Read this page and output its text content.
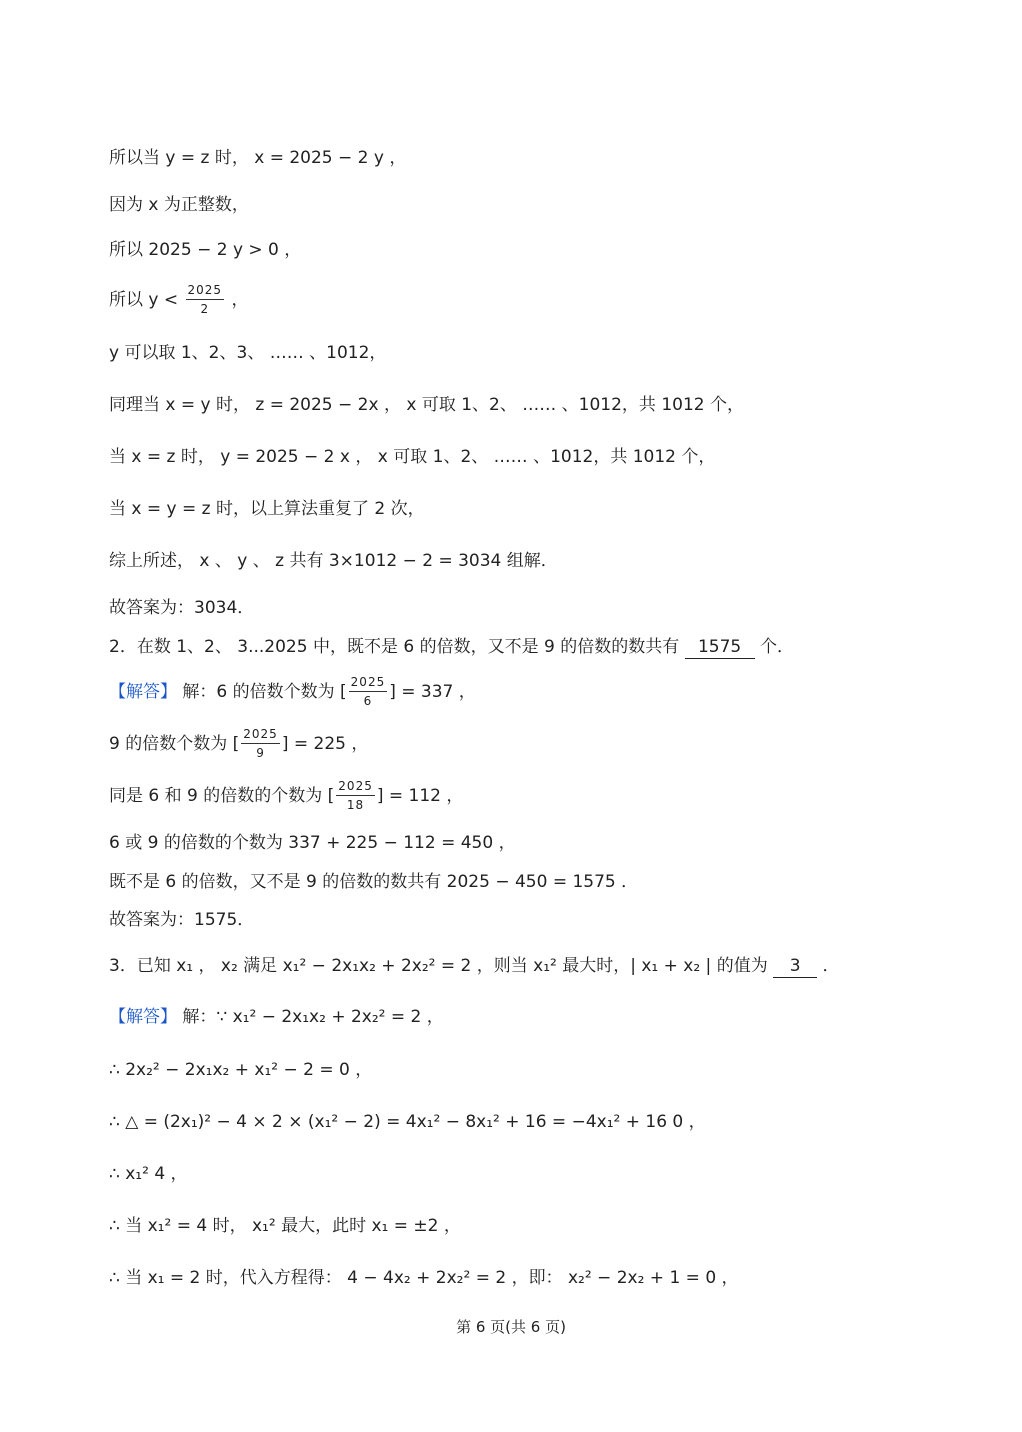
所以当 y = z 时， x = 2025 − 2 y ，
因为 x 为正整数，
所以 2025 − 2 y > 0 ，
所以 $y < \frac{2025}{2}$ ，
y 可以取 1、2、3、 …… 、1012，
同理当 x = y 时， z = 2025 − 2x ， x 可取 1、2、 …… 、1012，共 1012 个，
当 x = z 时， y = 2025 − 2 x ， x 可取 1、2、 …… 、1012，共 1012 个，
当 x = y = z 时，以上算法重复了 2 次，
综上所述， x 、 y 、 z 共有 3×1012 − 2 = 3034 组解．
故答案为：3034．
2．在数 1、2、 3...2025 中，既不是 6 的倍数，又不是 9 的倍数的数共有 1575 个．
【解答】 解：6 的倍数个数为 [ $\frac{2025}{6}$ ] = 337 ，
9 的倍数个数为 [ $\frac{2025}{9}$ ] = 225 ，
同是 6 和 9 的倍数的个数为 [ $\frac{2025}{18}$ ] = 112 ，
6 或 9 的倍数的个数为 337 + 225 − 112 = 450 ，
既不是 6 的倍数，又不是 9 的倍数的数共有 2025 − 450 = 1575 ．
故答案为：1575．
3．已知 x₁ ， x₂ 满足 x₁² − 2x₁x₂ + 2x₂² = 2 ，则当 x₁² 最大时，| x₁ + x₂ | 的值为 3 ．
【解答】 解：∵ x₁² − 2x₁x₂ + 2x₂² = 2 ，
∴ 2x₂² − 2x₁x₂ + x₁² − 2 = 0 ，
∴ △ = (2x₁)² − 4 × 2 × (x₁² − 2) = 4x₁² − 8x₁² + 16 = −4x₁² + 16 0 ，
∴ x₁² 4 ，
∴ 当 x₁² = 4 时， x₁² 最大，此时 x₁ = ±2 ，
∴ 当 x₁ = 2 时，代入方程得： 4 − 4x₂ + 2x₂² = 2 ，即： x₂² − 2x₂ + 1 = 0 ，
第 6 页(共 6 页)
